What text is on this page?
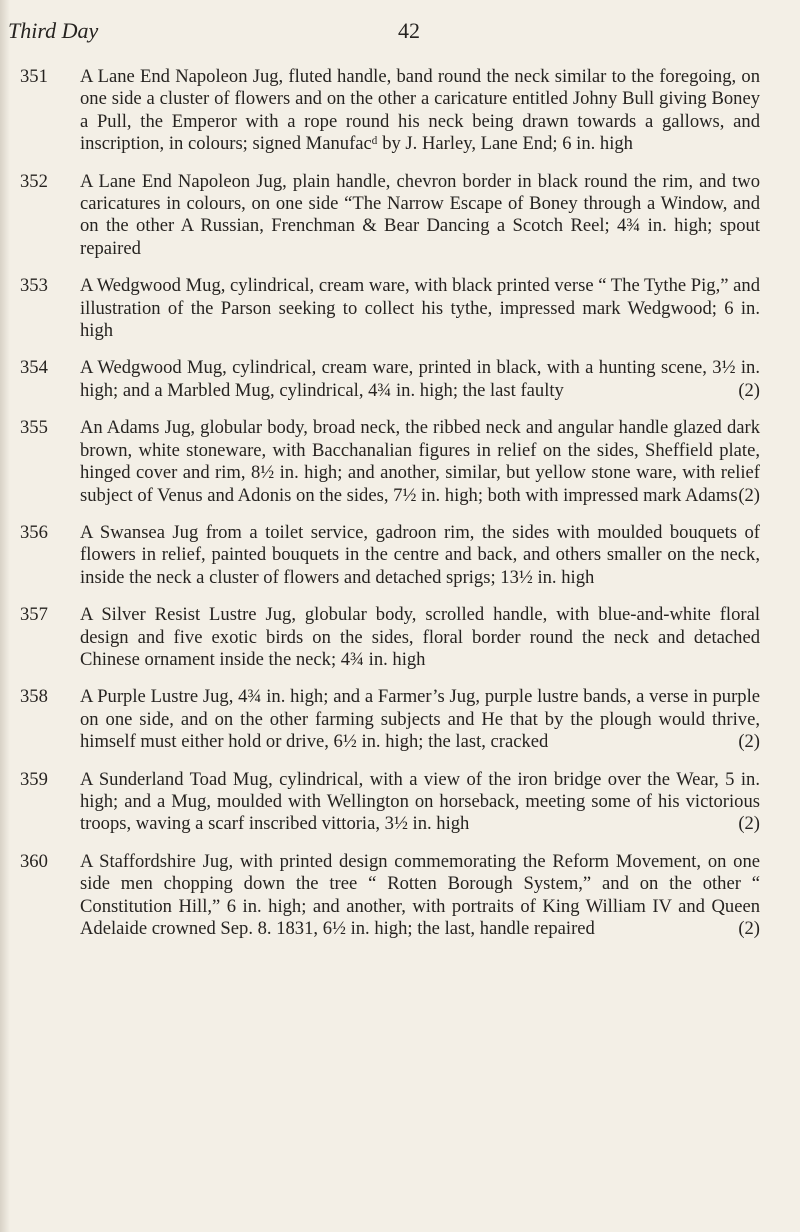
Third Day	42
351 A Lane End Napoleon Jug, fluted handle, band round the neck similar to the foregoing, on one side a cluster of flowers and on the other a caricature entitled Johny Bull giving Boney a Pull, the Emperor with a rope round his neck being drawn towards a gallows, and inscription, in colours; signed Manufac‍ᵈ by J. Harley, Lane End; 6 in. high
352 A Lane End Napoleon Jug, plain handle, chevron border in black round the rim, and two caricatures in colours, on one side “The Narrow Escape of Boney through a Window, and on the other A Russian, Frenchman & Bear Dancing a Scotch Reel; 4¾ in. high; spout repaired
353 A Wedgwood Mug, cylindrical, cream ware, with black printed verse “ The Tythe Pig,” and illustration of the Parson seeking to collect his tythe, impressed mark Wedgwood; 6 in. high
354 A Wedgwood Mug, cylindrical, cream ware, printed in black, with a hunting scene, 3½ in. high; and a Marbled Mug, cylindrical, 4¾ in. high; the last faulty	(2)
355 An Adams Jug, globular body, broad neck, the ribbed neck and angular handle glazed dark brown, white stoneware, with Bacchanalian figures in relief on the sides, Sheffield plate, hinged cover and rim, 8½ in. high; and another, similar, but yellow stone ware, with relief subject of Venus and Adonis on the sides, 7½ in. high; both with impressed mark Adams (2)
356 A Swansea Jug from a toilet service, gadroon rim, the sides with moulded bouquets of flowers in relief, painted bouquets in the centre and back, and others smaller on the neck, inside the neck a cluster of flowers and detached sprigs; 13½ in. high
357 A Silver Resist Lustre Jug, globular body, scrolled handle, with blue-and-white floral design and five exotic birds on the sides, floral border round the neck and detached Chinese ornament inside the neck; 4¾ in. high
358 A Purple Lustre Jug, 4¾ in. high; and a Farmer’s Jug, purple lustre bands, a verse in purple on one side, and on the other farming subjects and He that by the plough would thrive, himself must either hold or drive, 6½ in. high; the last, cracked	(2)
359 A Sunderland Toad Mug, cylindrical, with a view of the iron bridge over the Wear, 5 in. high; and a Mug, moulded with Wellington on horseback, meeting some of his victorious troops, waving a scarf inscribed vittoria, 3½ in. high	(2)
360 A Staffordshire Jug, with printed design commemorating the Reform Movement, on one side men chopping down the tree “ Rotten Borough System,” and on the other “ Constitution Hill,” 6 in. high; and another, with portraits of King William IV and Queen Adelaide crowned Sep. 8. 1831, 6½ in. high; the last, handle repaired	(2)
